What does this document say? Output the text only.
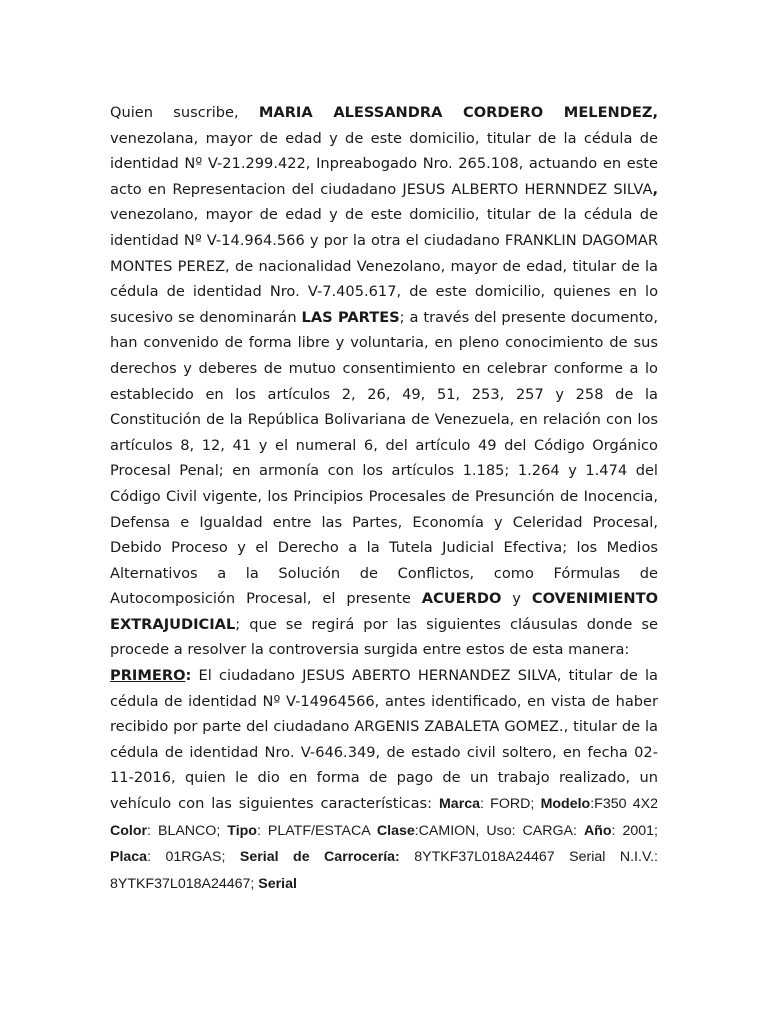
Quien suscribe, MARIA ALESSANDRA CORDERO MELENDEZ, venezolana, mayor de edad y de este domicilio, titular de la cédula de identidad Nº V-21.299.422, Inpreabogado Nro. 265.108, actuando en este acto en Representacion del ciudadano JESUS ALBERTO HERNNDEZ SILVA, venezolano, mayor de edad y de este domicilio, titular de la cédula de identidad Nº V-14.964.566 y por la otra el ciudadano FRANKLIN DAGOMAR MONTES PEREZ, de nacionalidad Venezolano, mayor de edad, titular de la cédula de identidad Nro. V-7.405.617, de este domicilio, quienes en lo sucesivo se denominarán LAS PARTES; a través del presente documento, han convenido de forma libre y voluntaria, en pleno conocimiento de sus derechos y deberes de mutuo consentimiento en celebrar conforme a lo establecido en los artículos 2, 26, 49, 51, 253, 257 y 258 de la Constitución de la República Bolivariana de Venezuela, en relación con los artículos 8, 12, 41 y el numeral 6, del artículo 49 del Código Orgánico Procesal Penal; en armonía con los artículos 1.185; 1.264 y 1.474 del Código Civil vigente, los Principios Procesales de Presunción de Inocencia, Defensa e Igualdad entre las Partes, Economía y Celeridad Procesal, Debido Proceso y el Derecho a la Tutela Judicial Efectiva; los Medios Alternativos a la Solución de Conflictos, como Fórmulas de Autocomposición Procesal, el presente ACUERDO y COVENIMIENTO EXTRAJUDICIAL; que se regirá por las siguientes cláusulas donde se procede a resolver la controversia surgida entre estos de esta manera:

PRIMERO: El ciudadano JESUS ABERTO HERNANDEZ SILVA, titular de la cédula de identidad Nº V-14964566, antes identificado, en vista de haber recibido por parte del ciudadano ARGENIS ZABALETA GOMEZ., titular de la cédula de identidad Nro. V-646.349, de estado civil soltero, en fecha 02-11-2016, quien le dio en forma de pago de un trabajo realizado, un vehículo con las siguientes características: Marca: FORD; Modelo:F350 4X2 Color: BLANCO; Tipo: PLATF/ESTACA Clase:CAMION, Uso: CARGA: Año: 2001; Placa: 01RGAS; Serial de Carrocería: 8YTKF37L018A24467 Serial N.I.V.: 8YTKF37L018A24467; Serial
